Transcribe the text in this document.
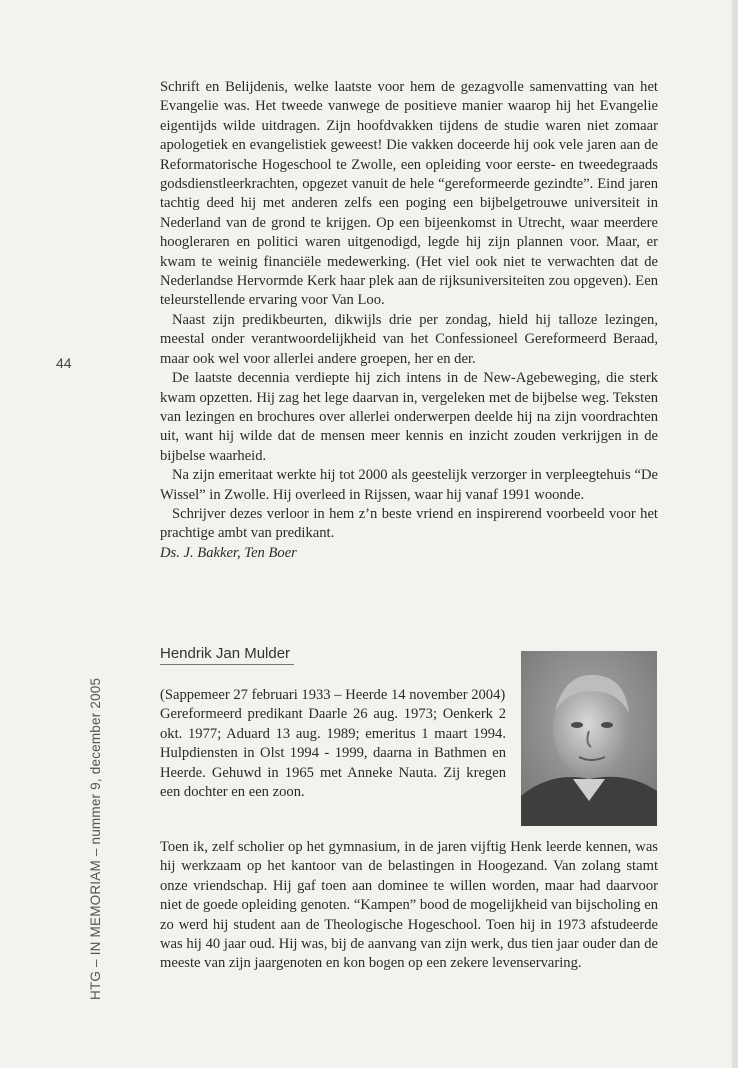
Schrift en Belijdenis, welke laatste voor hem de gezagvolle samenvatting van het Evangelie was. Het tweede vanwege de positieve manier waarop hij het Evangelie eigentijds wilde uitdragen. Zijn hoofdvakken tijdens de studie waren niet zomaar apologetiek en evangelistiek geweest! Die vakken doceerde hij ook vele jaren aan de Reformatorische Hogeschool te Zwolle, een opleiding voor eerste- en tweedegraads godsdienstleerkrachten, opgezet vanuit de hele “gereformeerde gezindte”. Eind jaren tachtig deed hij met anderen zelfs een poging een bijbelgetrouwe universiteit in Nederland van de grond te krijgen. Op een bijeenkomst in Utrecht, waar meerdere hoogleraren en politici waren uitgenodigd, legde hij zijn plannen voor. Maar, er kwam te weinig financiële medewerking. (Het viel ook niet te verwachten dat de Nederlandse Hervormde Kerk haar plek aan de rijksuniversiteiten zou opgeven). Een teleurstellende ervaring voor Van Loo.

Naast zijn predikbeurten, dikwijls drie per zondag, hield hij talloze lezingen, meestal onder verantwoordelijkheid van het Confessioneel Gereformeerd Beraad, maar ook wel voor allerlei andere groepen, her en der.

De laatste decennia verdiepte hij zich intens in de New-Agebeweging, die sterk kwam opzetten. Hij zag het lege daarvan in, vergeleken met de bijbelse weg. Teksten van lezingen en brochures over allerlei onderwerpen deelde hij na zijn voordrachten uit, want hij wilde dat de mensen meer kennis en inzicht zouden verkrijgen in de bijbelse waarheid.

Na zijn emeritaat werkte hij tot 2000 als geestelijk verzorger in verpleegtehuis “De Wissel” in Zwolle. Hij overleed in Rijssen, waar hij vanaf 1991 woonde.

Schrijver dezes verloor in hem z’n beste vriend en inspirerend voorbeeld voor het prachtige ambt van predikant.

Ds. J. Bakker, Ten Boer

44
HTG – IN MEMORIAM – nummer 9, december 2005
Hendrik Jan Mulder

(Sappemeer 27 februari 1933 – Heerde 14 november 2004)

Gereformeerd predikant Daarle 26 aug. 1973; Oenkerk 2 okt. 1977; Aduard 13 aug. 1989; emeritus 1 maart 1994. Hulpdiensten in Olst 1994 - 1999, daarna in Bathmen en Heerde. Gehuwd in 1965 met Anneke Nauta. Zij kregen een dochter en een zoon.

Toen ik, zelf scholier op het gymnasium, in de jaren vijftig Henk leerde kennen, was hij werkzaam op het kantoor van de belastingen in Hoogezand. Van zolang stamt onze vriendschap. Hij gaf toen aan dominee te willen worden, maar had daarvoor niet de goede opleiding genoten. “Kampen” bood de mogelijkheid van bijscholing en zo werd hij student aan de Theologische Hogeschool. Toen hij in 1973 afstudeerde was hij 40 jaar oud. Hij was, bij de aanvang van zijn werk, dus tien jaar ouder dan de meeste van zijn jaargenoten en kon bogen op een zekere levenservaring.
